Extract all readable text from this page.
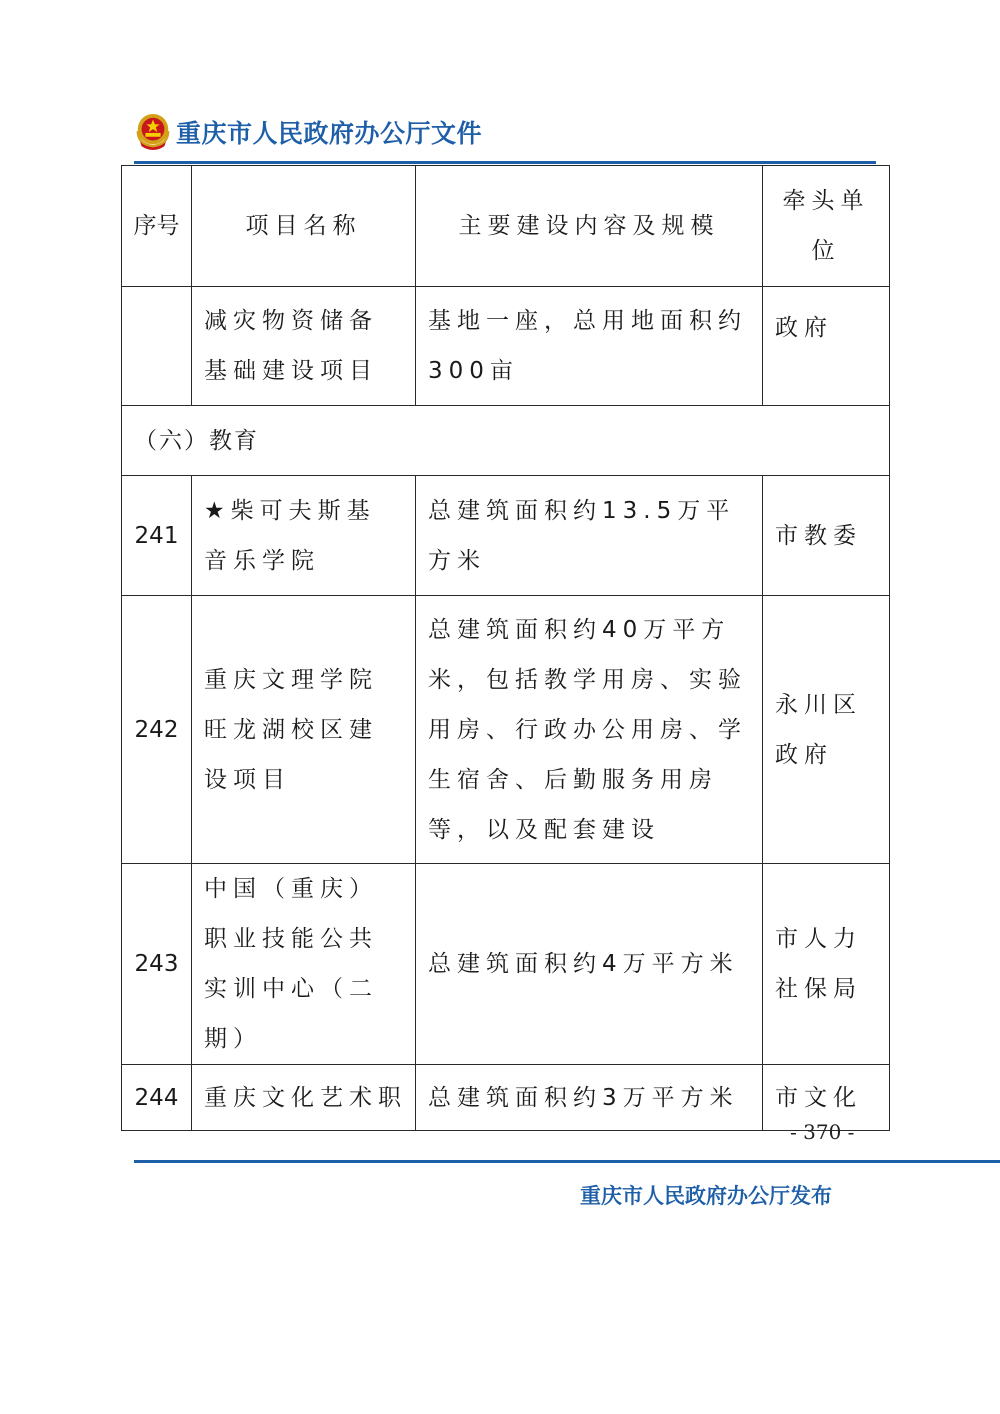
重庆市人民政府办公厅文件
序号	项目名称	主要建设内容及规模	牵头单位
	减灾物资储备基础建设项目	基地一座，总用地面积约300亩	政府
（六）教育			
241	★柴可夫斯基音乐学院	总建筑面积约13.5万平方米	市教委
242	重庆文理学院旺龙湖校区建设项目	总建筑面积约40万平方米，包括教学用房、实验用房、行政办公用房、学生宿舍、后勤服务用房等，以及配套建设	永川区政府
243	中国（重庆）职业技能公共实训中心（二期）	总建筑面积约4万平方米	市人力社保局
244	重庆文化艺术职	总建筑面积约3万平方米	市文化
- 370 -
重庆市人民政府办公厅发布
